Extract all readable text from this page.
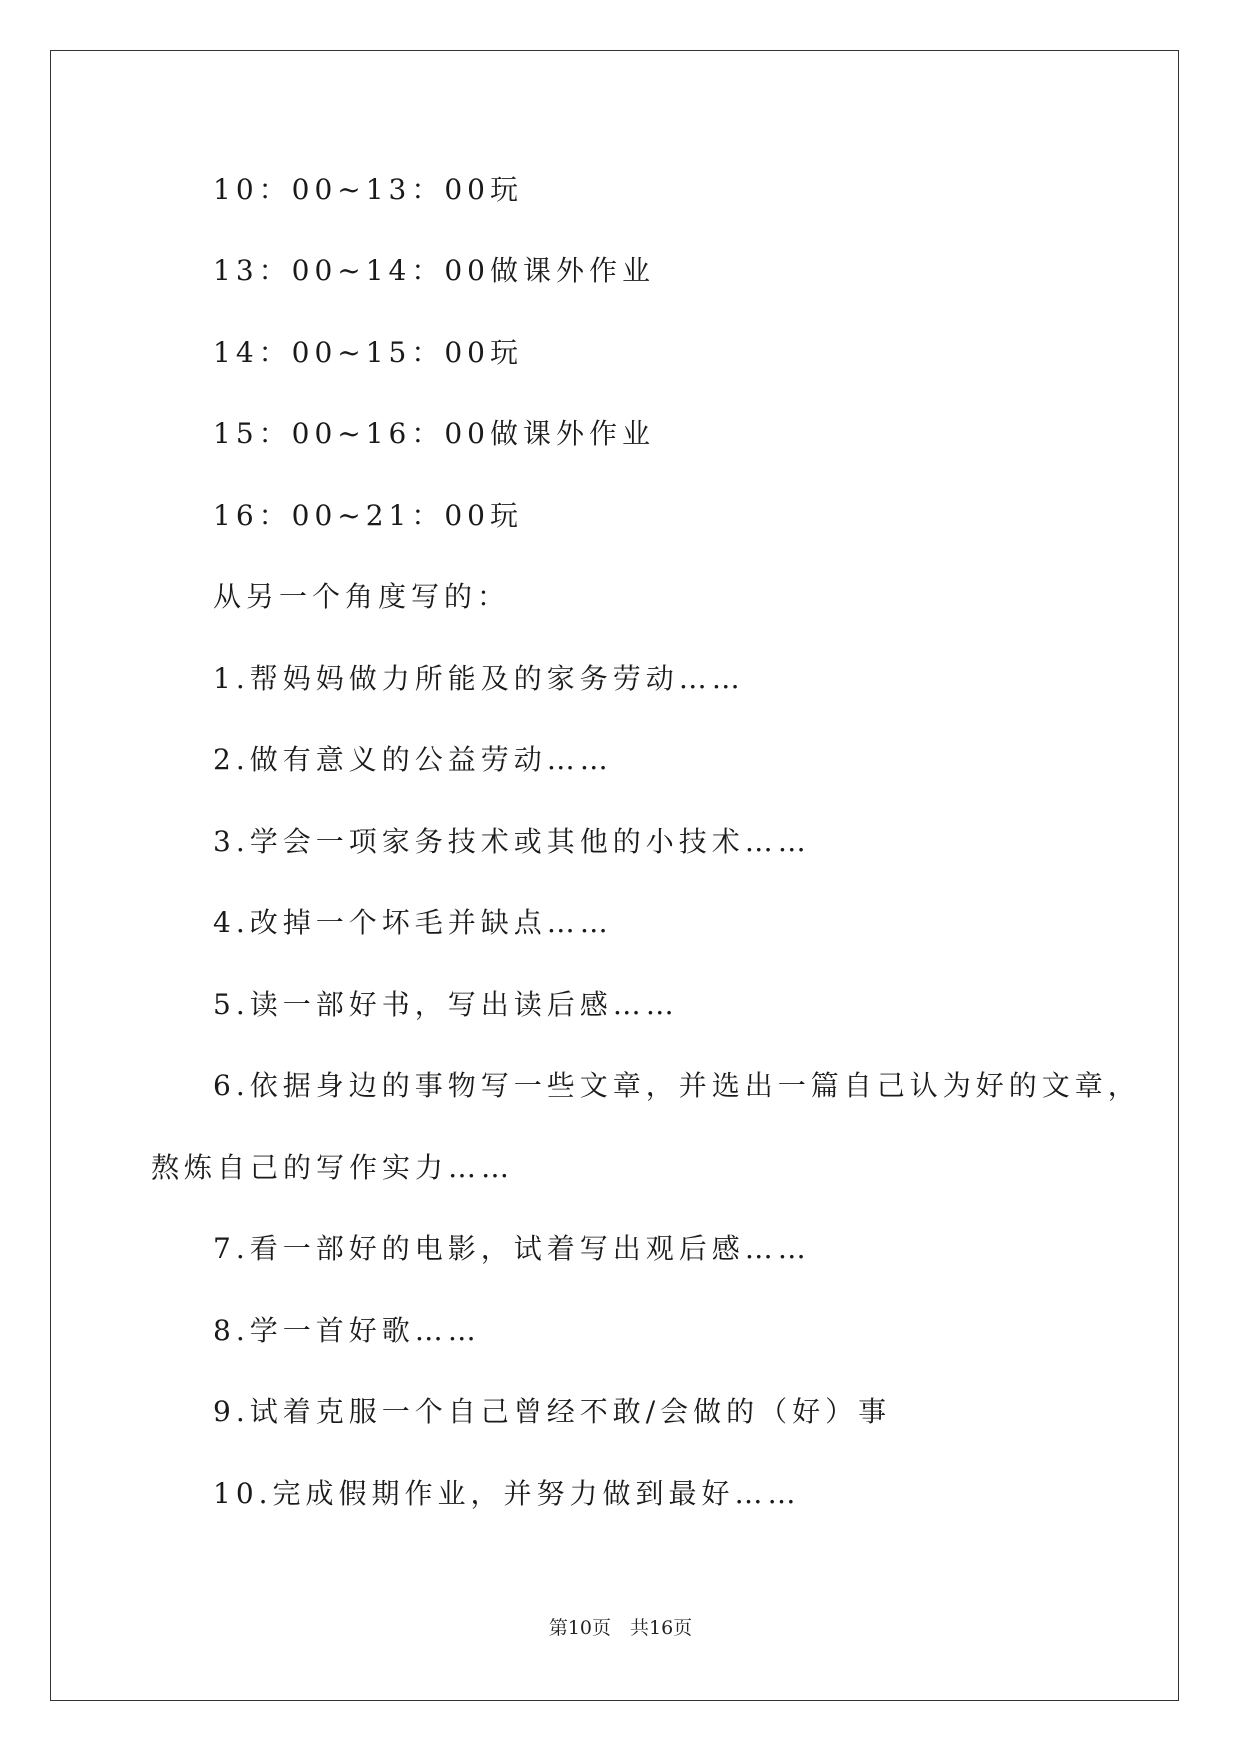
10：00~13：00玩
13：00~14：00做课外作业
14：00~15：00玩
15：00~16：00做课外作业
16：00~21：00玩
从另一个角度写的：
1.帮妈妈做力所能及的家务劳动……
2.做有意义的公益劳动……
3.学会一项家务技术或其他的小技术……
4.改掉一个坏毛并缺点……
5.读一部好书，写出读后感……
6.依据身边的事物写一些文章，并选出一篇自己认为好的文章，
熬炼自己的写作实力……
7.看一部好的电影，试着写出观后感……
8.学一首好歌……
9.试着克服一个自己曾经不敢/会做的（好）事
10.完成假期作业，并努力做到最好……
第10页　共16页
